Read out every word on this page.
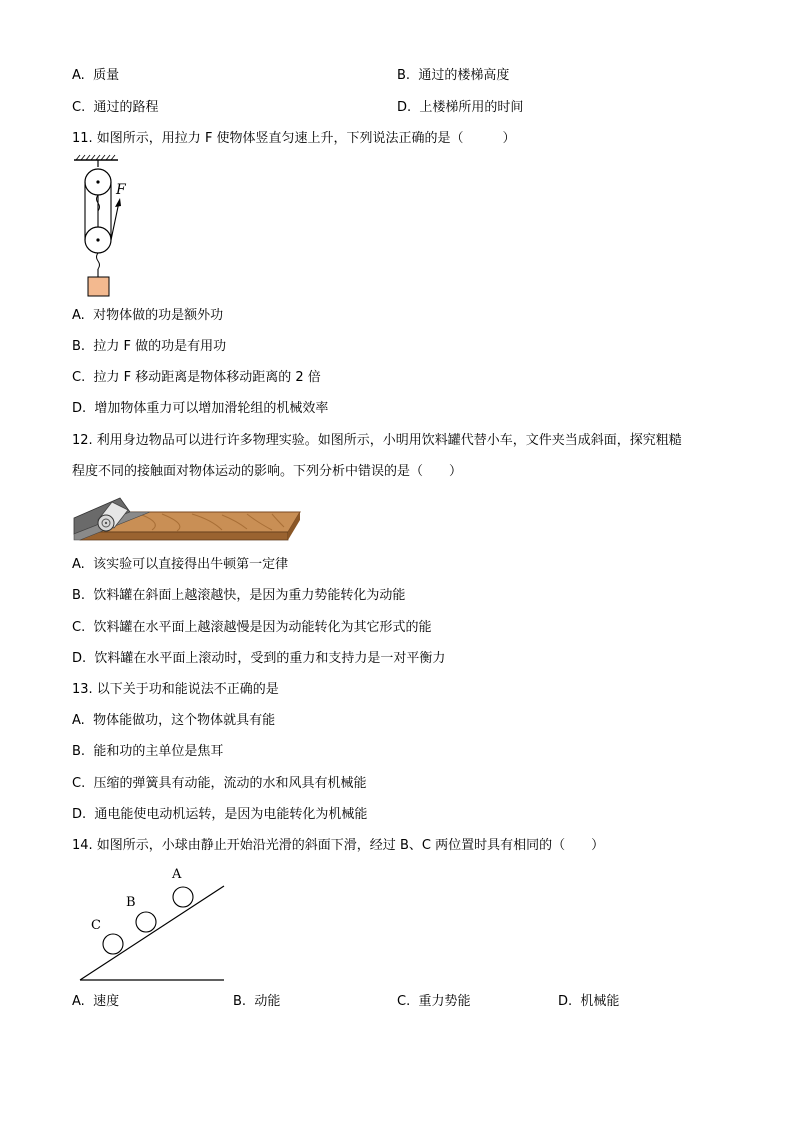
A. 质量	B. 通过的楼梯高度
C. 通过的路程	D. 上楼梯所用的时间
11. 如图所示，用拉力 F 使物体竖直匀速上升，下列说法正确的是（　　　）
F
A. 对物体做的功是额外功
B. 拉力 F 做的功是有用功
C. 拉力 F 移动距离是物体移动距离的 2 倍
D. 增加物体重力可以增加滑轮组的机械效率
12. 利用身边物品可以进行许多物理实验。如图所示，小明用饮料罐代替小车，文件夹当成斜面，探究粗糙
程度不同的接触面对物体运动的影响。下列分析中错误的是（　　）
A. 该实验可以直接得出牛顿第一定律
B. 饮料罐在斜面上越滚越快，是因为重力势能转化为动能
C. 饮料罐在水平面上越滚越慢是因为动能转化为其它形式的能
D. 饮料罐在水平面上滚动时，受到的重力和支持力是一对平衡力
13. 以下关于功和能说法不正确的是
A. 物体能做功，这个物体就具有能
B. 能和功的主单位是焦耳
C. 压缩的弹簧具有动能，流动的水和风具有机械能
D. 通电能使电动机运转，是因为电能转化为机械能
14. 如图所示，小球由静止开始沿光滑的斜面下滑，经过 B、C 两位置时具有相同的（　　）
A
B
C
A. 速度	B. 动能	C. 重力势能	D. 机械能
